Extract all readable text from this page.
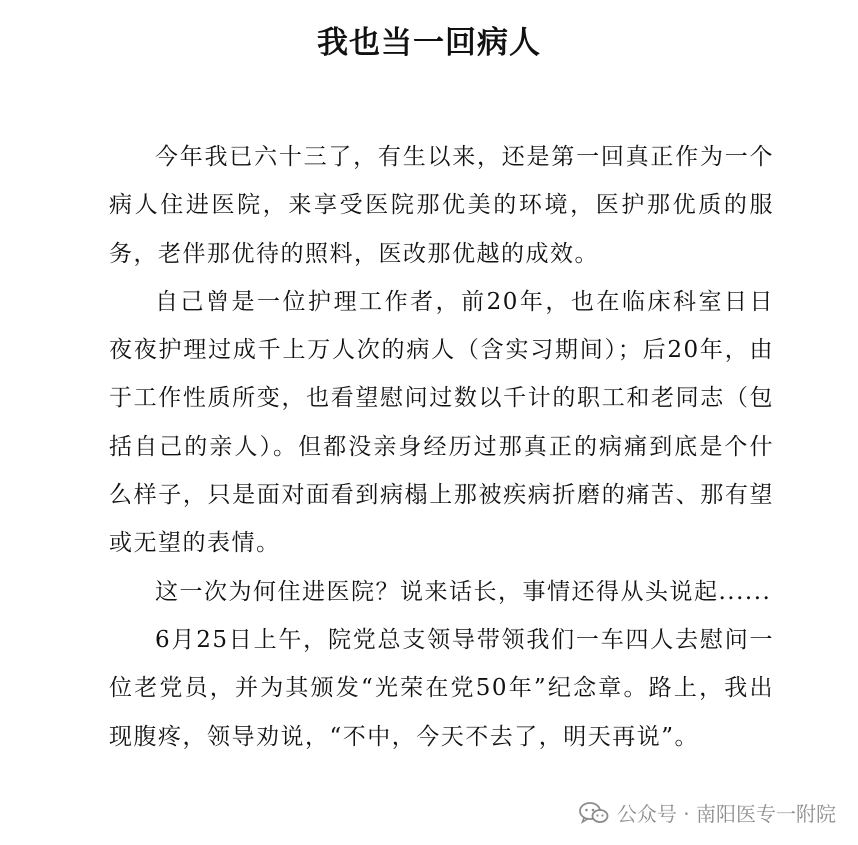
我也当一回病人

今年我已六十三了，有生以来，还是第一回真正作为一个病人住进医院，来享受医院那优美的环境，医护那优质的服务，老伴那优待的照料，医改那优越的成效。

自己曾是一位护理工作者，前20年，也在临床科室日日夜夜护理过成千上万人次的病人（含实习期间）；后20年，由于工作性质所变，也看望慰问过数以千计的职工和老同志（包括自己的亲人）。但都没亲身经历过那真正的病痛到底是个什么样子，只是面对面看到病榻上那被疾病折磨的痛苦、那有望或无望的表情。

这一次为何住进医院？说来话长，事情还得从头说起......

6月25日上午，院党总支领导带领我们一车四人去慰问一位老党员，并为其颁发“光荣在党50年”纪念章。路上，我出现腹疼，领导劝说，“不中，今天不去了，明天再说”。

公众号 · 南阳医专一附院
